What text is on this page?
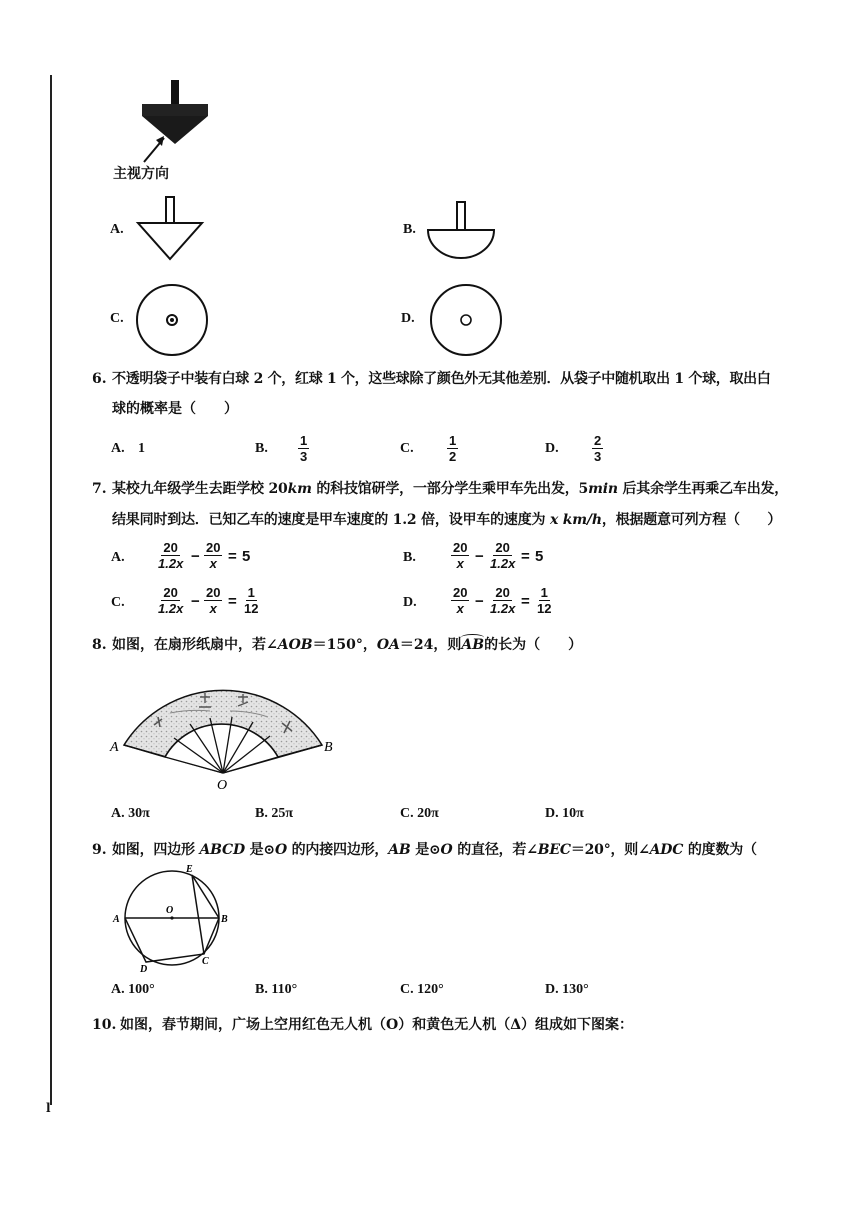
l
主视方向
A.	B.
C.	D.
6. 不透明袋子中装有白球 2 个，红球 1 个，这些球除了颜色外无其他差别．从袋子中随机取出 1 个球，取出白
球的概率是（　　）
A. 1	B. $\frac{1}{3}$	C.	$\frac{1}{2}$	D.	$\frac{2}{3}$
7. 某校九年级学生去距学校 20km 的科技馆研学，一部分学生乘甲车先出发，5min 后其余学生再乘乙车出发，
结果同时到达．已知乙车的速度是甲车速度的 1.2 倍，设甲车的速度为 x km/h，根据题意可列方程（　　）
A. $\frac{20}{1.2x} - \frac{20}{x} = 5$	B.	$\frac{20}{x} - \frac{20}{1.2x} = 5$
C. $\frac{20}{1.2x} - \frac{20}{x} = \frac{1}{12}$	D.	$\frac{20}{x} - \frac{20}{1.2x} = \frac{1}{12}$
8. 如图，在扇形纸扇中，若∠AOB＝150°，OA＝24，则AB的长为（　　）
A	B
O
A. 30π	B. 25π	C. 20π	D. 10π
9. 如图，四边形 ABCD 是⊙O 的内接四边形，AB 是⊙O 的直径，若∠BEC＝20°，则∠ADC 的度数为（
A	B
C
D
E
O
A. 100°	B. 110°	C. 120°	D. 130°
10. 如图，春节期间，广场上空用红色无人机（O）和黄色无人机（Δ）组成如下图案：
